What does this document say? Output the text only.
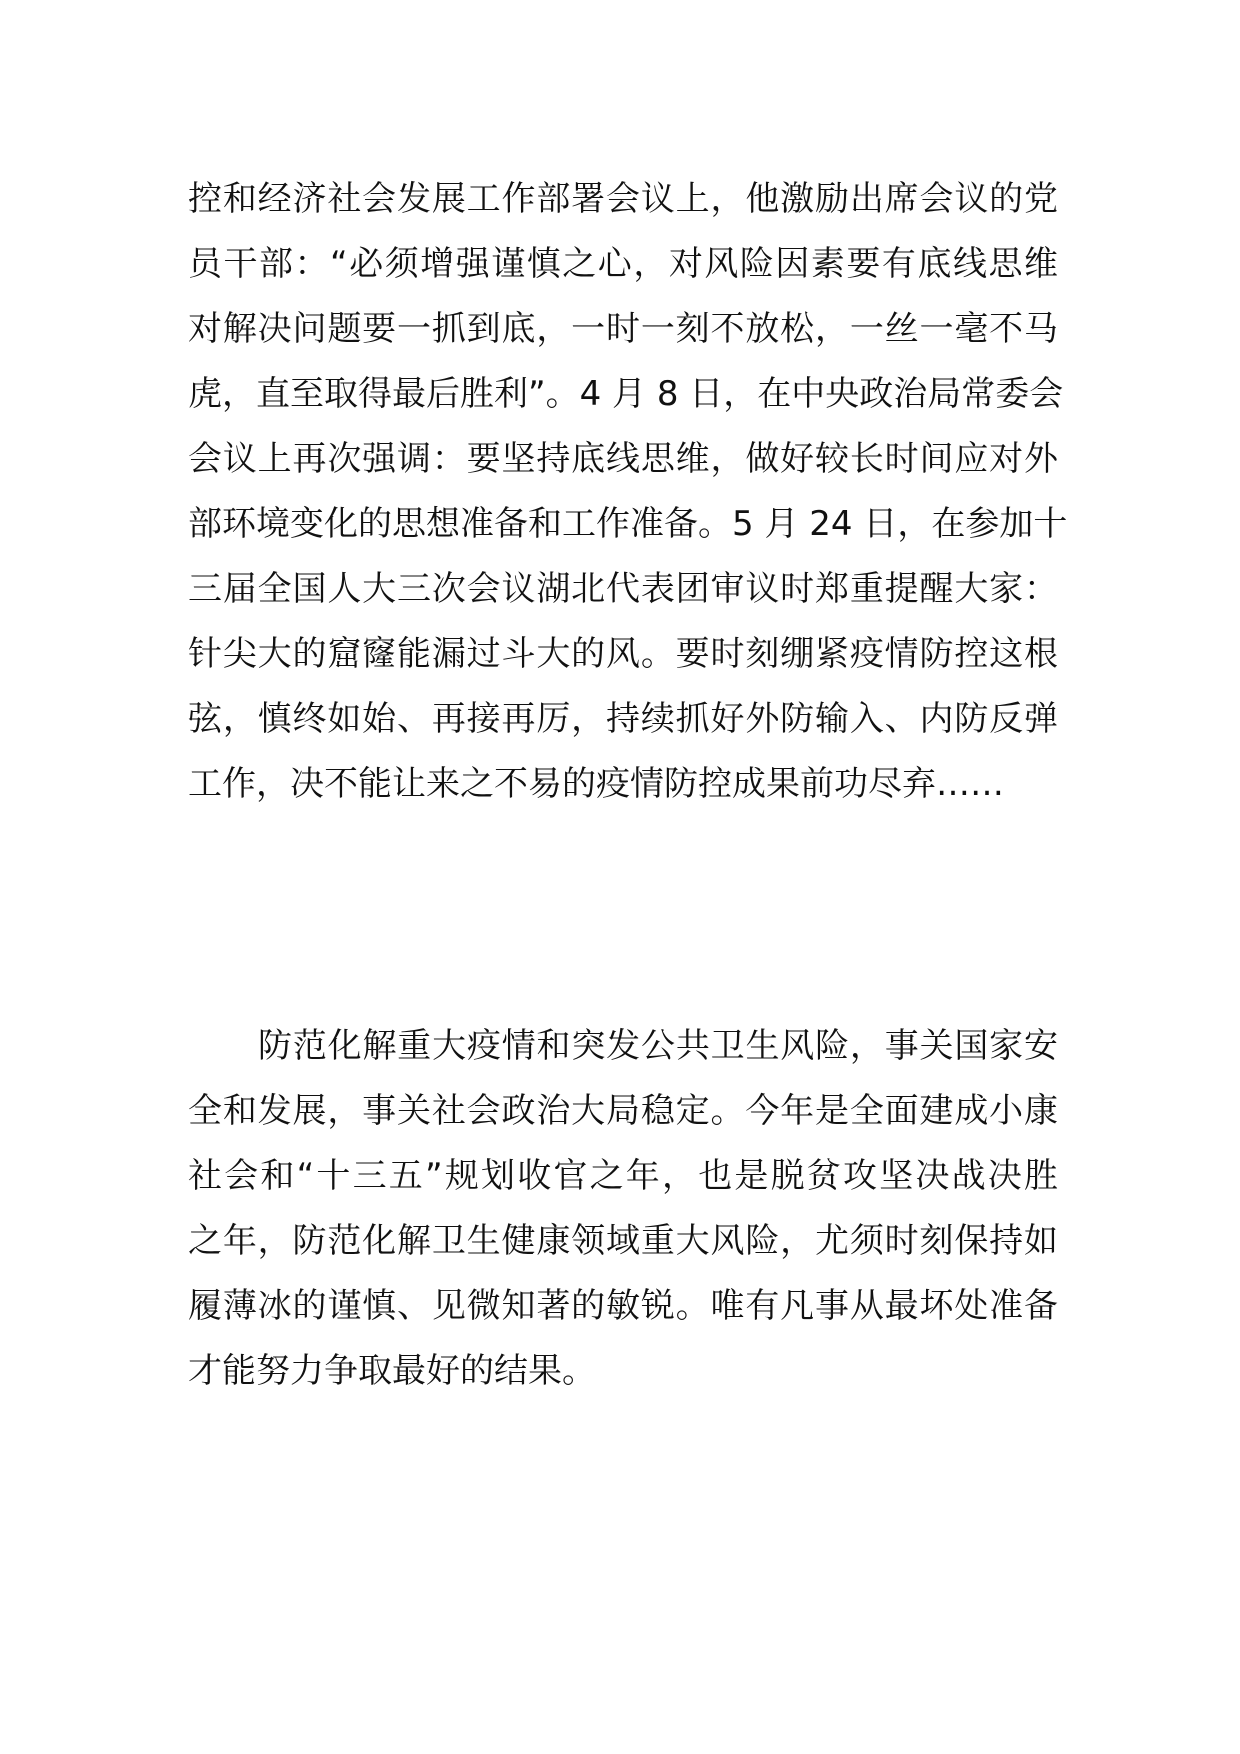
控和经济社会发展工作部署会议上，他激励出席会议的党
员干部：“必须增强谨慎之心，对风险因素要有底线思维
对解决问题要一抓到底，一时一刻不放松，一丝一毫不马
虎，直至取得最后胜利”。4 月 8 日，在中央政治局常委会
会议上再次强调：要坚持底线思维，做好较长时间应对外
部环境变化的思想准备和工作准备。5 月 24 日，在参加十
三届全国人大三次会议湖北代表团审议时郑重提醒大家：
针尖大的窟窿能漏过斗大的风。要时刻绷紧疫情防控这根
弦，慎终如始、再接再厉，持续抓好外防输入、内防反弹
工作，决不能让来之不易的疫情防控成果前功尽弃……
防范化解重大疫情和突发公共卫生风险，事关国家安
全和发展，事关社会政治大局稳定。今年是全面建成小康
社会和“十三五”规划收官之年，也是脱贫攻坚决战决胜
之年，防范化解卫生健康领域重大风险，尤须时刻保持如
履薄冰的谨慎、见微知著的敏锐。唯有凡事从最坏处准备
才能努力争取最好的结果。
